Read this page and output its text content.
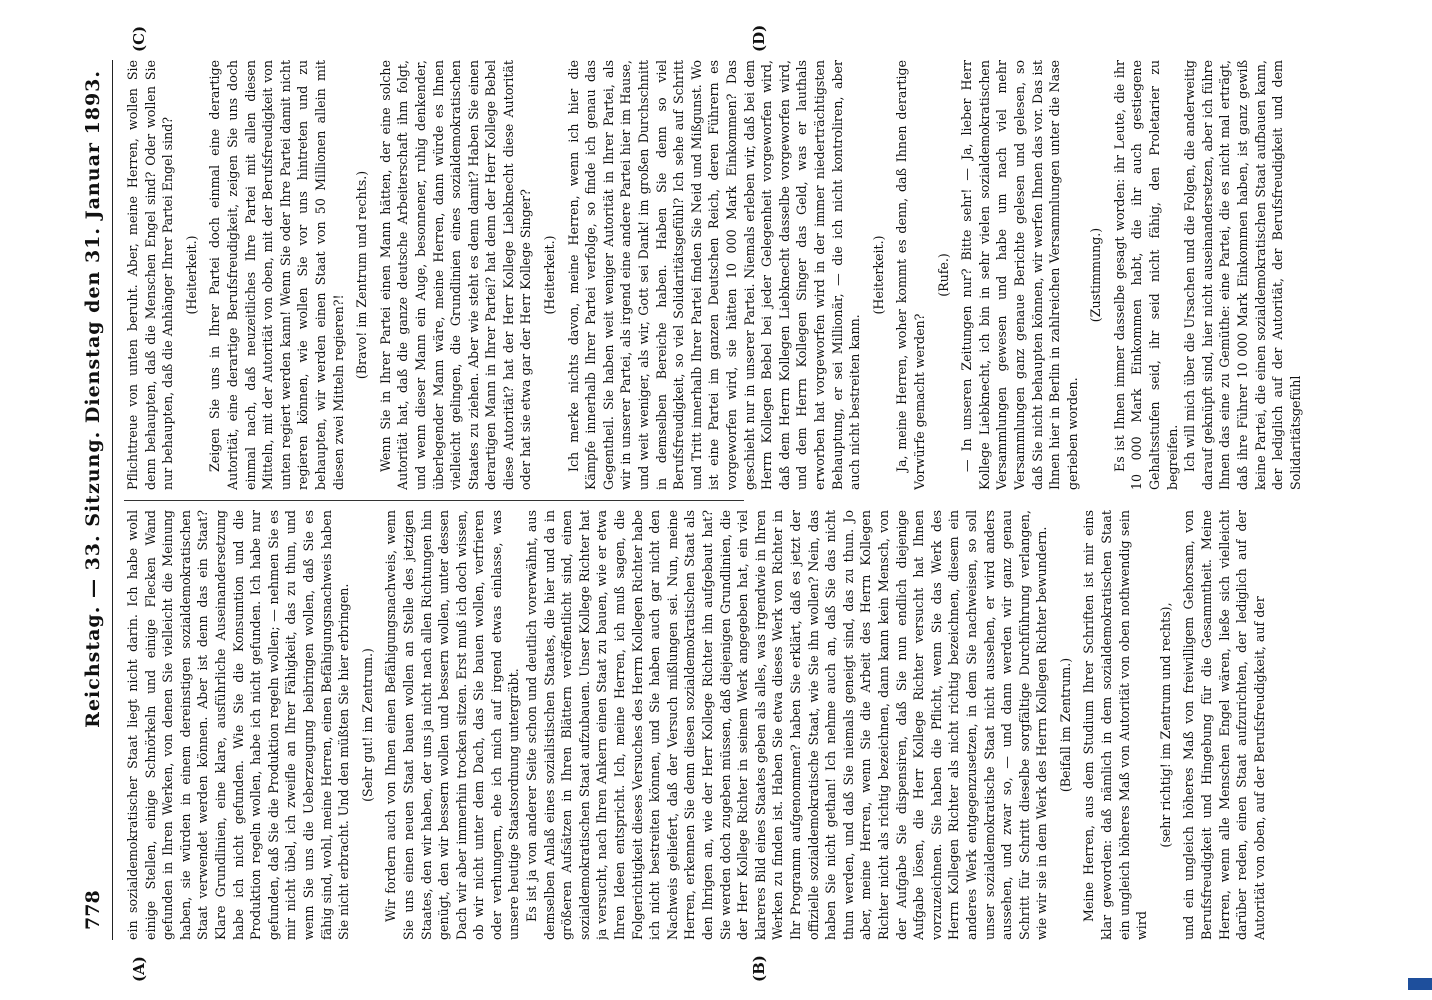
778
Reichstag. — 33. Sitzung. Dienstag den 31. Januar 1893.
(A)	(B)
(C)	(D)

ein sozialdemokratischer Staat liegt nicht darin. Ich habe wohl einige Stellen, einige Schnörkeln und einige Flecken Wand gefunden in Ihren Werken, von denen Sie vielleicht die Meinung haben, sie würden in einem dereinstigen sozialdemokratischen Staat verwendet werden können. Aber ist denn das ein Staat? Klare Grundlinien, eine klare, ausführliche Auseinandersetzung habe ich nicht gefunden. Wie Sie die Konsumtion und die Produktion regeln wollen, habe ich nicht gefunden. Ich habe nur gefunden, daß Sie die Produktion regeln wollen; — nehmen Sie es mir nicht übel, ich zweifle an Ihrer Fähigkeit, das zu thun, und wenn Sie uns die Ueberzeugung beibringen wollen, daß Sie es fähig sind, wohl, meine Herren, einen Befähigungsnachweis haben Sie nicht erbracht. Und den müßten Sie hier erbringen. (Sehr gut! im Zentrum.) Wir fordern auch von Ihnen einen Befähigungsnachweis, wenn Sie uns einen neuen Staat bauen wollen an Stelle des jetzigen Staates, den wir haben, der uns ja nicht nach allen Richtungen hin genügt, den wir bessern wollen und bessern wollen, unter dessen Dach wir aber immerhin trocken sitzen. Erst muß ich doch wissen, ob wir nicht unter dem Dach, das Sie bauen wollen, verfrieren oder verhungern, ehe ich mich auf irgend etwas einlasse, was unsere heutige Staatsordnung untergräbt. Es ist ja von anderer Seite schon und deutlich vorerwähnt, aus demselben Anlaß eines sozialistischen Staates, die hier und da in größeren Aufsätzen in Ihren Blättern veröffentlicht sind, einen sozialdemokratischen Staat aufzubauen. Unser Kollege Richter hat ja versucht, nach Ihren Ankern einen Staat zu bauen, wie er etwa Ihren Ideen entspricht. Ich, meine Herren, ich muß sagen, die Folgerichtigkeit dieses Versuches des Herrn Kollegen Richter habe ich nicht bestreiten können, und Sie haben auch gar nicht den Nachweis geliefert, daß der Versuch mißlungen sei. Nun, meine Herren, erkennen Sie denn diesen sozialdemokratischen Staat als den Ihrigen an, wie der Herr Kollege Richter ihn aufgebaut hat? Sie werden doch zugeben müssen, daß diejenigen Grundlinien, die der Herr Kollege Richter in seinem Werk angegeben hat, ein viel klareres Bild eines Staates geben als alles, was irgendwie in Ihren Werken zu finden ist. Haben Sie etwa dieses Werk von Richter in Ihr Programm aufgenommen? haben Sie erklärt, daß es jetzt der offizielle sozialdemokratische Staat, wie Sie ihn wollen? Nein, das haben Sie nicht gethan! Ich nehme auch an, daß Sie das nicht thun werden, und daß Sie niemals geneigt sind, das zu thun. Jo aber, meine Herren, wenn Sie die Arbeit des Herrn Kollegen Richter nicht als richtig bezeichnen, dann kann kein Mensch, von der Aufgabe Sie dispensiren, daß Sie nun endlich diejenige Aufgabe lösen, die Herr Kollege Richter versucht hat Ihnen vorzuzeichnen. Sie haben die Pflicht, wenn Sie das Werk des Herrn Kollegen Richter als nicht richtig bezeichnen, diesem ein anderes Werk entgegenzusetzen, in dem Sie nachweisen, so soll unser sozialdemokratische Staat nicht aussehen, er wird anders aussehen, und zwar so, — und dann werden wir ganz genau Schritt für Schritt dieselbe sorgfältige Durchführung verlangen, wie wir sie in dem Werk des Herrn Kollegen Richter bewundern. (Beifall im Zentrum.) Meine Herren, aus dem Studium Ihrer Schriften ist mir eins klar geworden: daß nämlich in dem sozialdemokratischen Staat ein ungleich höheres Maß von Autorität von oben nothwendig sein wird

(sehr richtig! im Zentrum und rechts), und ein ungleich höheres Maß von freiwilligem Gehorsam, von Berufsfreudigkeit und Hingebung für die Gesammtheit. Meine Herren, wenn alle Menschen Engel wären, ließe sich vielleicht darüber reden, einen Staat aufzurichten, der lediglich auf der Autorität von oben, auf der Berufsfreudigkeit, auf der

Pflichttreue von unten beruht. Aber, meine Herren, wollen Sie denn behaupten, daß die Menschen Engel sind? Oder wollen Sie nur behaupten, daß die Anhänger Ihrer Partei Engel sind? (Heiterkeit.) Zeigen Sie uns in Ihrer Partei doch einmal eine derartige Autorität, eine derartige Berufsfreudigkeit, zeigen Sie uns doch einmal nach, daß neuzeitliches Ihre Partei mit allen diesen Mitteln, mit der Autorität von oben, mit der Berufsfreudigkeit von unten regiert werden kann! Wenn Sie oder Ihre Partei damit nicht regieren können, wie wollen Sie vor uns hintreten und zu behaupten, wir werden einen Staat von 50 Millionen allein mit diesen zwei Mitteln regieren?!

(Bravo! im Zentrum und rechts.) Wenn Sie in Ihrer Partei einen Mann hätten, der eine solche Autorität hat, daß die ganze deutsche Arbeiterschaft ihm folgt, und wenn dieser Mann ein Auge, besonnener, ruhig denkender, überlegender Mann wäre, meine Herren, dann würde es Ihnen vielleicht gelingen, die Grundlinien eines sozialdemokratischen Staates zu ziehen. Aber wie steht es denn damit? Haben Sie einen derartigen Mann in Ihrer Partei? hat denn der Herr Kollege Bebel diese Autorität? hat der Herr Kollege Liebknecht diese Autorität oder hat sie etwa gar der Herr Kollege Singer? (Heiterkeit.) Ich merke nichts davon, meine Herren, wenn ich hier die Kämpfe innerhalb Ihrer Partei verfolge, so finde ich genau das Gegentheil. Sie haben weit weniger Autorität in Ihrer Partei, als wir in unserer Partei, als irgend eine andere Partei hier im Hause, und weit weniger, als wir, Gott sei Dank! im großen Durchschnitt in demselben Bereiche haben. Haben Sie denn so viel Berufsfreudigkeit, so viel Solidaritätsgefühl? Ich sehe auf Schritt und Tritt innerhalb Ihrer Partei finden Sie Neid und Mißgunst. Wo ist eine Partei im ganzen Deutschen Reich, deren Führern es vorgeworfen wird, sie hätten 10 000 Mark Einkommen? Das geschieht nur in unserer Partei. Niemals erleben wir, daß bei dem Herrn Kollegen Bebel bei jeder Gelegenheit vorgeworfen wird, daß dem Herrn Kollegen Liebknecht dasselbe vorgeworfen wird, und dem Herrn Kollegen Singer das Geld, was er lauthals erworben hat vorgeworfen wird in der immer niederträchtigsten Behauptung, er sei Millionär, — die ich nicht kontroliren, aber auch nicht bestreiten kann.

(Heiterkeit.) Ja, meine Herren, woher kommt es denn, daß Ihnen derartige Vorwürfe gemacht werden?

(Rufe.) — In unseren Zeitungen nur? Bitte sehr! — Ja, lieber Herr Kollege Liebknecht, ich bin in sehr vielen sozialdemokratischen Versammlungen gewesen und habe um nach viel mehr Versammlungen ganz genaue Berichte gelesen und gelesen, so daß Sie nicht behaupten können, wir werfen Ihnen das vor. Das ist Ihnen hier in Berlin in zahlreichen Versammlungen unter die Nase gerieben worden.

(Zustimmung.) Es ist Ihnen immer dasselbe gesagt worden: ihr Leute, die ihr 10 000 Mark Einkommen habt, die ihr auch gestiegene Gehaltsstufen seid, ihr seid nicht fähig, den Proletarier zu begreifen. Ich will mich über die Ursachen und die Folgen, die anderweitig darauf geknüpft sind, hier nicht auseinandersetzen, aber ich führe Ihnen das eine zu Gemüthe: eine Partei, die es nicht mal erträgt, daß ihre Führer 10 000 Mark Einkommen haben, ist ganz gewiß keine Partei, die einen sozialdemokratischen Staat aufbauen kann, der lediglich auf der Autorität, der Berufsfreudigkeit und dem Solidaritätsgefühl
